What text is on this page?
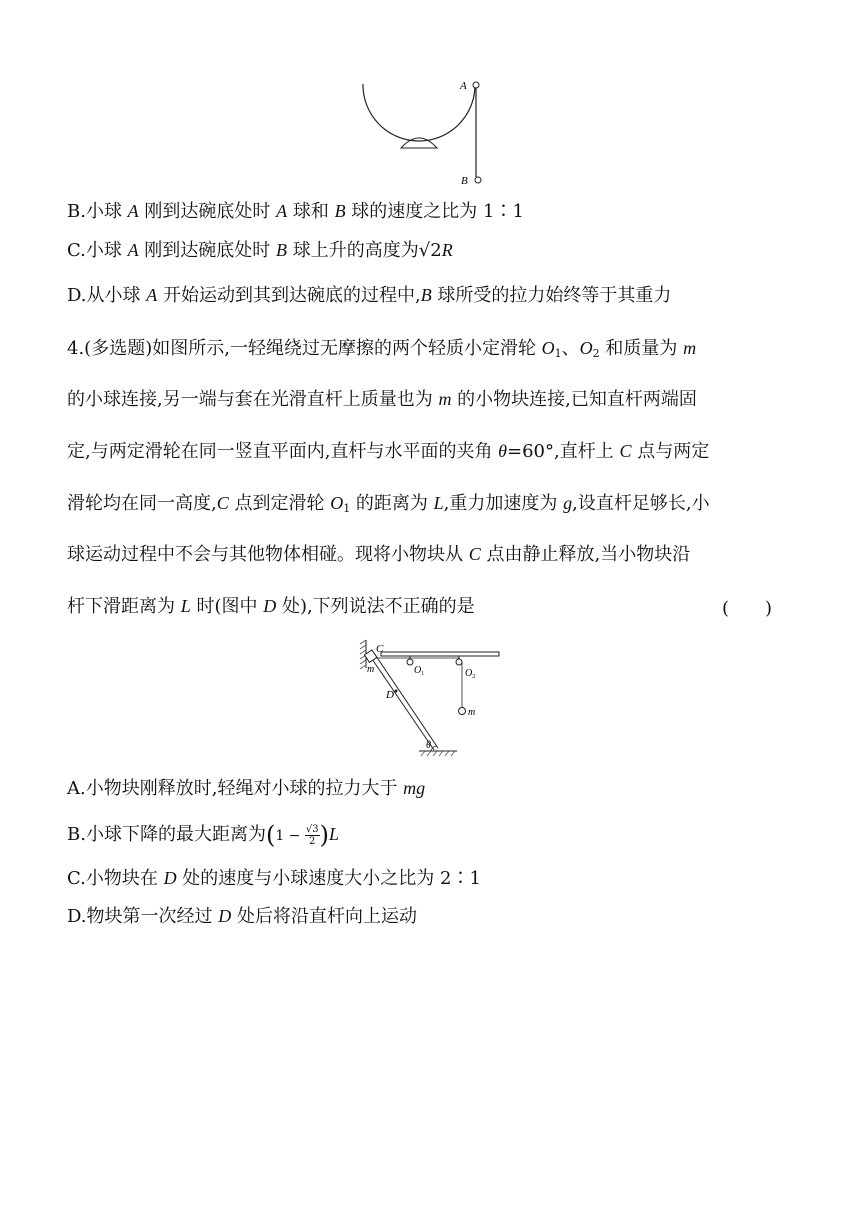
A
B
B.小球 A 刚到达碗底处时 A 球和 B 球的速度之比为 1∶1
C.小球 A 刚到达碗底处时 B 球上升的高度为√2R
D.从小球 A 开始运动到其到达碗底的过程中,B 球所受的拉力始终等于其重力
4.(多选题)如图所示,一轻绳绕过无摩擦的两个轻质小定滑轮 $O_1$、$O_2$ 和质量为 m
的小球连接,另一端与套在光滑直杆上质量也为 m 的小物块连接,已知直杆两端固
定,与两定滑轮在同一竖直平面内,直杆与水平面的夹角 θ=60°,直杆上 C 点与两定
滑轮均在同一高度,C 点到定滑轮 $O_1$ 的距离为 L,重力加速度为 g,设直杆足够长,小
球运动过程中不会与其他物体相碰。现将小物块从 C 点由静止释放,当小物块沿
杆下滑距离为 L 时(图中 D 处),下列说法不正确的是	(　　)
C
m
D
$O_1$	$O_2$
m
θ
A.小物块刚释放时,轻绳对小球的拉力大于 mg
B.小球下降的最大距离为$(1 - \frac{√3}{2} )L$
C.小物块在 D 处的速度与小球速度大小之比为 2∶1
D.物块第一次经过 D 处后将沿直杆向上运动
